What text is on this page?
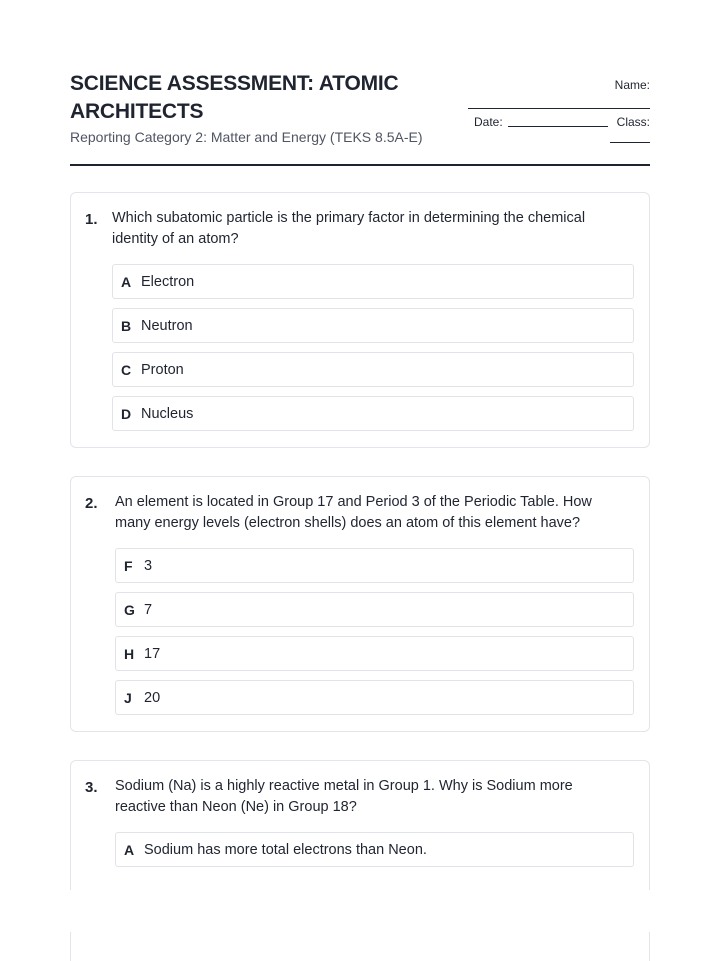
SCIENCE ASSESSMENT: ATOMIC ARCHITECTS
Reporting Category 2: Matter and Energy (TEKS 8.5A-E)
Name:
Date:	Class:
1. Which subatomic particle is the primary factor in determining the chemical identity of an atom?
A Electron
B Neutron
C Proton
D Nucleus
2. An element is located in Group 17 and Period 3 of the Periodic Table. How many energy levels (electron shells) does an atom of this element have?
F 3
G 7
H 17
J 20
3. Sodium (Na) is a highly reactive metal in Group 1. Why is Sodium more reactive than Neon (Ne) in Group 18?
A Sodium has more total electrons than Neon.
